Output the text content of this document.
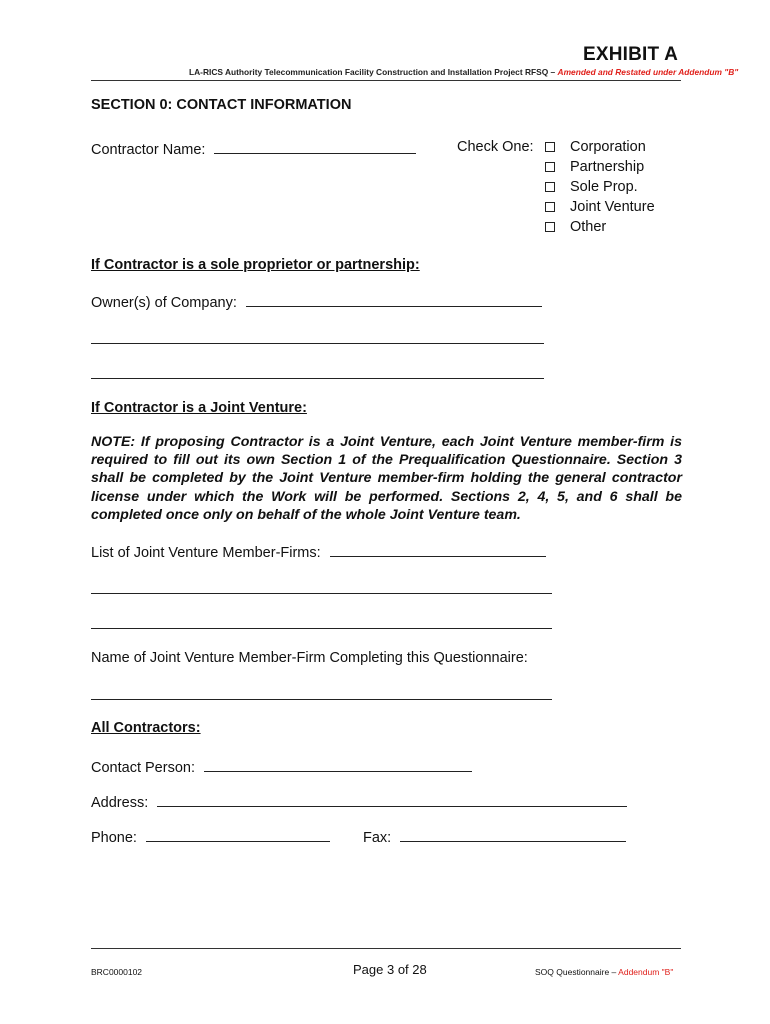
EXHIBIT A
LA-RICS Authority Telecommunication Facility Construction and Installation Project RFSQ – Amended and Restated under Addendum "B"
SECTION 0: CONTACT INFORMATION
Contractor Name:	Check One:	Corporation
Partnership
Sole Prop.
Joint Venture
Other
If Contractor is a sole proprietor or partnership:
Owner(s) of Company:
If Contractor is a Joint Venture:
NOTE: If proposing Contractor is a Joint Venture, each Joint Venture member-firm is required to fill out its own Section 1 of the Prequalification Questionnaire. Section 3 shall be completed by the Joint Venture member-firm holding the general contractor license under which the Work will be performed. Sections 2, 4, 5, and 6 shall be completed once only on behalf of the whole Joint Venture team.
List of Joint Venture Member-Firms:
Name of Joint Venture Member-Firm Completing this Questionnaire:
All Contractors:
Contact Person:
Address:
Phone:	Fax:
BRC0000102	Page 3 of 28	SOQ Questionnaire – Addendum "B"
